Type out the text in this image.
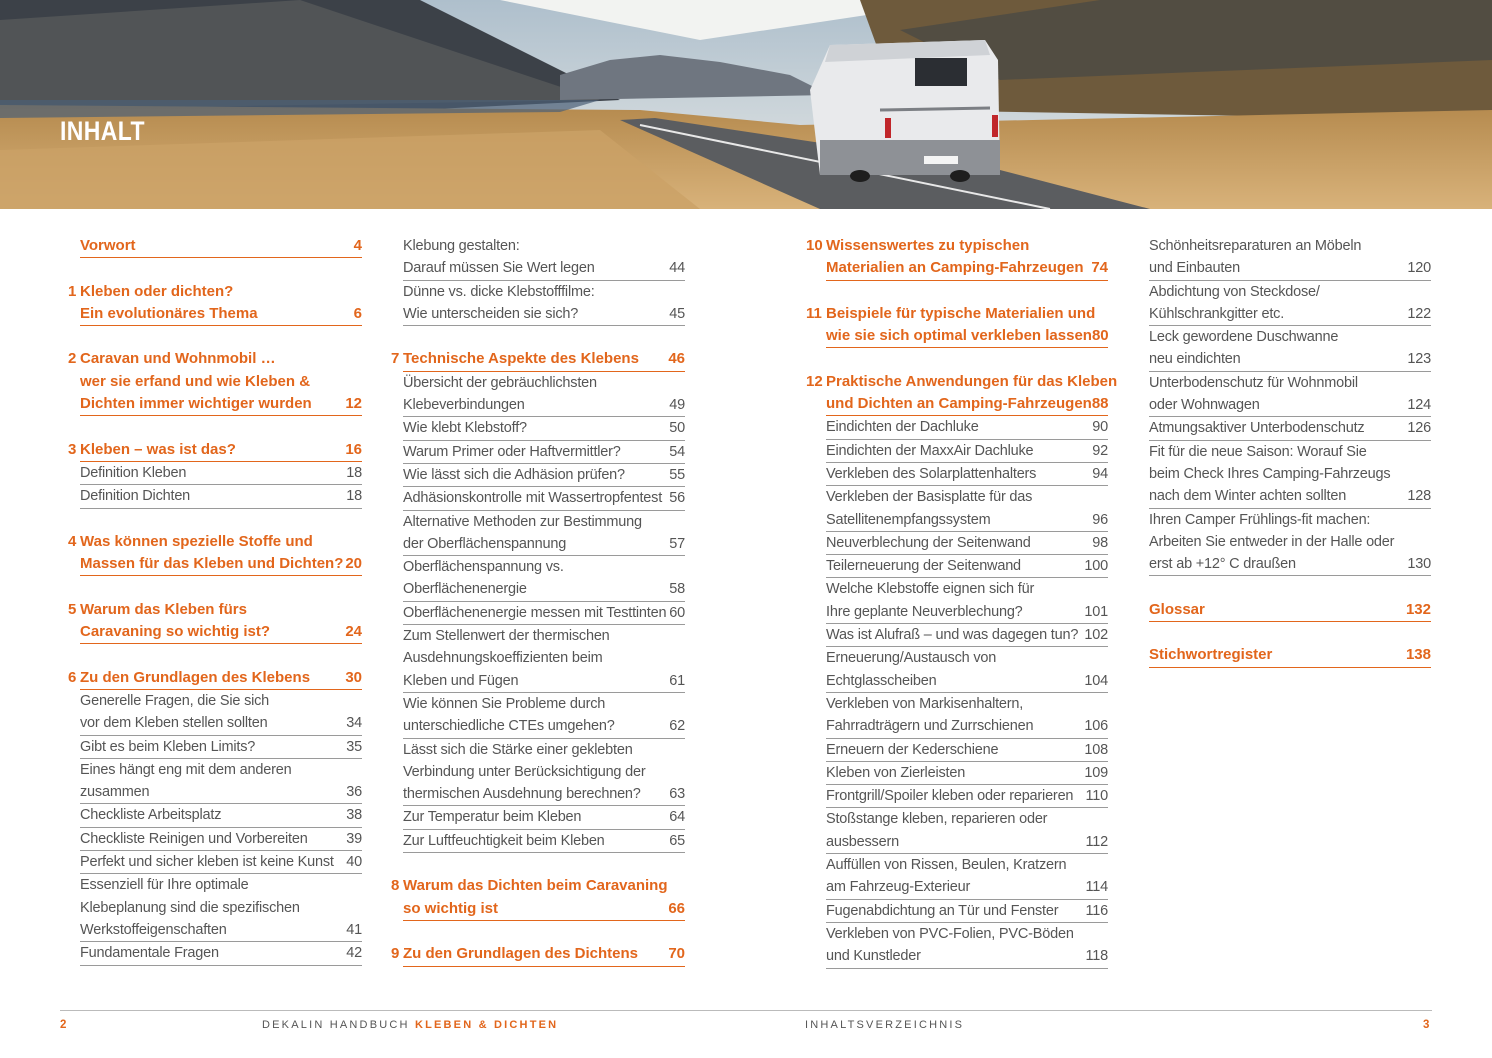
INHALT
Vorwort	4
1 Kleben oder dichten?
Ein evolutionäres Thema	6
2 Caravan und Wohnmobil …
wer sie erfand und wie Kleben &
Dichten immer wichtiger wurden 12
3 Kleben – was ist das?	16
Definition Kleben	18
Definition Dichten	18
4 Was können spezielle Stoffe und
Massen für das Kleben und Dichten? 20
5 Warum das Kleben fürs
Caravaning so wichtig ist?	24
6 Zu den Grundlagen des Klebens 30
Generelle Fragen, die Sie sich
vor dem Kleben stellen sollten	34
Gibt es beim Kleben Limits?	35
Eines hängt eng mit dem anderen
zusammen	36
Checkliste Arbeitsplatz	38
Checkliste Reinigen und Vorbereiten	39
Perfekt und sicher kleben ist keine Kunst 40
Essenziell für Ihre optimale
Klebeplanung sind die spezifischen
Werkstoffeigenschaften	41
Fundamentale Fragen	42
Klebung gestalten:
Darauf müssen Sie Wert legen	44
Dünne vs. dicke Klebstofffilme:
Wie unterscheiden sie sich?	45
7 Technische Aspekte des Klebens 46
Übersicht der gebräuchlichsten
Klebeverbindungen	49
Wie klebt Klebstoff?	50
Warum Primer oder Haftvermittler?	54
Wie lässt sich die Adhäsion prüfen?	55
Adhäsionskontrolle mit Wassertropfentest 56
Alternative Methoden zur Bestimmung
der Oberflächenspannung	57
Oberflächenspannung vs.
Oberflächenenergie	58
Oberflächenenergie messen mit Testtinten 60
Zum Stellenwert der thermischen
Ausdehnungskoeffizienten beim
Kleben und Fügen	61
Wie können Sie Probleme durch
unterschiedliche CTEs umgehen?	62
Lässt sich die Stärke einer geklebten
Verbindung unter Berücksichtigung der
thermischen Ausdehnung berechnen? 63
Zur Temperatur beim Kleben	64
Zur Luftfeuchtigkeit beim Kleben	65
8 Warum das Dichten beim Caravaning
so wichtig ist	66
9 Zu den Grundlagen des Dichtens 70
10 Wissenswertes zu typischen
Materialien an Camping-Fahrzeugen 74
11 Beispiele für typische Materialien und
wie sie sich optimal verkleben lassen 80
12 Praktische Anwendungen für das Kleben
und Dichten an Camping-Fahrzeugen 88
Eindichten der Dachluke	90
Eindichten der MaxxAir Dachluke	92
Verkleben des Solarplattenhalters	94
Verkleben der Basisplatte für das
Satellitenempfangssystem	96
Neuverblechung der Seitenwand	98
Teilerneuerung der Seitenwand	100
Welche Klebstoffe eignen sich für
Ihre geplante Neuverblechung?	101
Was ist Alufraß – und was dagegen tun? 102
Erneuerung/Austausch von
Echtglasscheiben	104
Verkleben von Markisenhaltern,
Fahrradträgern und Zurrschienen	106
Erneuern der Kederschiene	108
Kleben von Zierleisten	109
Frontgrill/Spoiler kleben oder reparieren 110
Stoßstange kleben, reparieren oder
ausbessern	112
Auffüllen von Rissen, Beulen, Kratzern
am Fahrzeug-Exterieur	114
Fugenabdichtung an Tür und Fenster 116
Verkleben von PVC-Folien, PVC-Böden
und Kunstleder	118
Schönheitsreparaturen an Möbeln
und Einbauten	120
Abdichtung von Steckdose/
Kühlschrankgitter etc.	122
Leck gewordene Duschwanne
neu eindichten	123
Unterbodenschutz für Wohnmobil
oder Wohnwagen	124
Atmungsaktiver Unterbodenschutz	126
Fit für die neue Saison: Worauf Sie
beim Check Ihres Camping-Fahrzeugs
nach dem Winter achten sollten	128
Ihren Camper Frühlings-fit machen:
Arbeiten Sie entweder in der Halle oder
erst ab +12° C draußen	130
Glossar	132
Stichwortregister	138
2	DEKALIN HANDBUCH KLEBEN & DICHTEN	INHALTSVERZEICHNIS	3
